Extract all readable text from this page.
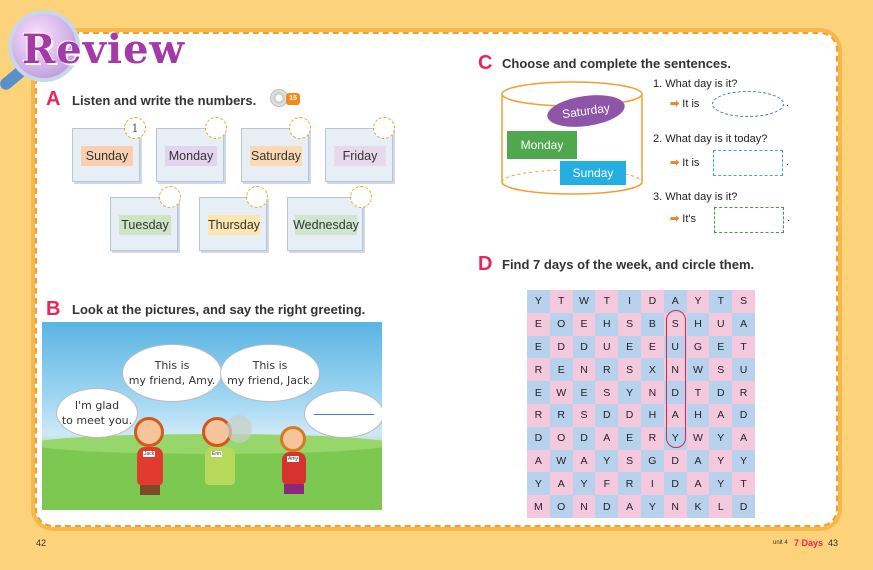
Review
A Listen and write the numbers.	15
Sunday
1
Monday	Saturday	Friday
Tuesday	Thursday	Wednesday
B Look at the pictures, and say the right greeting.
I'm glad
to meet you.
This is
my friend, Amy.
This is
my friend, Jack.
Jack	Erin
Amy
C Choose and complete the sentences.
Saturday
Monday
Sunday
1. What day is it?
➡ It is	.
2. What day is it today?
➡ It is	.
3. What day is it?
➡ It's	.
D Find 7 days of the week, and circle them.
Y	T	W	T	I	D	A	Y	T	S
E	O	E	H	S	B	S	H	U	A
E	D	D	U	E	E	U	G	E	T
R	E	N	R	S	X	N	W	S	U
E	W	E	S	Y	N	D	T	D	R
R	R	S	D	D	H	A	H	A	D
D	O	D	A	E	R	Y	W	Y	A
A	W	A	Y	S	G	D	A	Y	Y
Y	A	Y	F	R	I	D	A	Y	T
M	O	N	D	A	Y	N	K	L	D
42	unit 4 7 Days 43
